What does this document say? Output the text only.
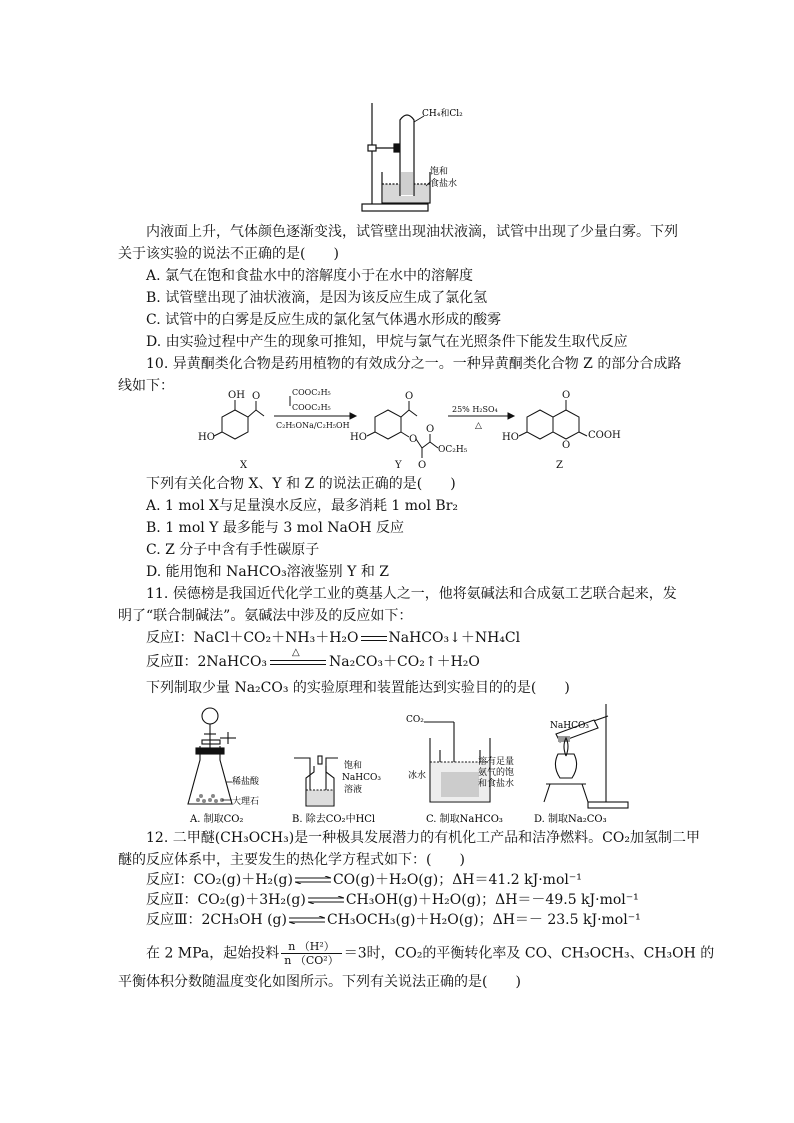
CH₄和Cl₂
饱和
食盐水
内液面上升，气体颜色逐渐变浅，试管壁出现油状液滴，试管中出现了少量白雾。下列
关于该实验的说法不正确的是(　　)
A. 氯气在饱和食盐水中的溶解度小于在水中的溶解度
B. 试管壁出现了油状液滴，是因为该反应生成了氯化氢
C. 试管中的白雾是反应生成的氯化氢气体遇水形成的酸雾
D. 由实验过程中产生的现象可推知，甲烷与氯气在光照条件下能发生取代反应
10. 异黄酮类化合物是药用植物的有效成分之一。一种异黄酮类化合物 Z 的部分合成路
线如下：
OH O
HO
X
COOC₂H₅
COOC₂H₅
C₂H₅ONa/C₂H₅OH
O
HO	O
O
OC₂H₅
O
Y
25% H₂SO₄
△
O
HO
O
COOH
Z
下列有关化合物 X、Y 和 Z 的说法正确的是(　　)
A. 1 mol X与足量溴水反应，最多消耗 1 mol Br₂
B. 1 mol Y 最多能与 3 mol NaOH 反应
C. Z 分子中含有手性碳原子
D. 能用饱和 NaHCO₃溶液鉴别 Y 和 Z
11. 侯德榜是我国近代化学工业的奠基人之一，他将氨碱法和合成氨工艺联合起来，发
明了“联合制碱法”。氨碱法中涉及的反应如下：
反应Ⅰ：NaCl＋CO₂＋NH₃＋H₂O NaHCO₃↓＋NH₄Cl
反应Ⅱ：2NaHCO₃
△
Na₂CO₃＋CO₂↑＋H₂O
下列制取少量 Na₂CO₃ 的实验原理和装置能达到实验目的的是(　　)
稀盐酸
大理石
A. 制取CO₂
饱和
NaHCO₃
溶液
B. 除去CO₂中HCl
CO₂
冰水
溶有足量
氨气的饱
和食盐水
C. 制取NaHCO₃
NaHCO₃
D. 制取Na₂CO₃
12. 二甲醚(CH₃OCH₃)是一种极具发展潜力的有机化工产品和洁净燃料。CO₂加氢制二甲
醚的反应体系中，主要发生的热化学方程式如下：(　　)
反应Ⅰ：CO₂(g)＋H₂(g) ⇌ CO(g)＋H₂O(g)；ΔH＝41.2 kJ·mol⁻¹
反应Ⅱ：CO₂(g)＋3H₂(g) ⇌ CH₃OH(g)＋H₂O(g)；ΔH＝－49.5 kJ·mol⁻¹
反应Ⅲ：2CH₃OH (g) ⇌ CH₃OCH₃(g)＋H₂O(g)；ΔH＝－ 23.5 kJ·mol⁻¹
在 2 MPa，起始投料 $\frac{\text{n （H²）}}{\text{n （CO²）}} =3$时，CO₂的平衡转化率及 CO、CH₃OCH₃、CH₃OH 的
平衡体积分数随温度变化如图所示。下列有关说法正确的是(　　)
